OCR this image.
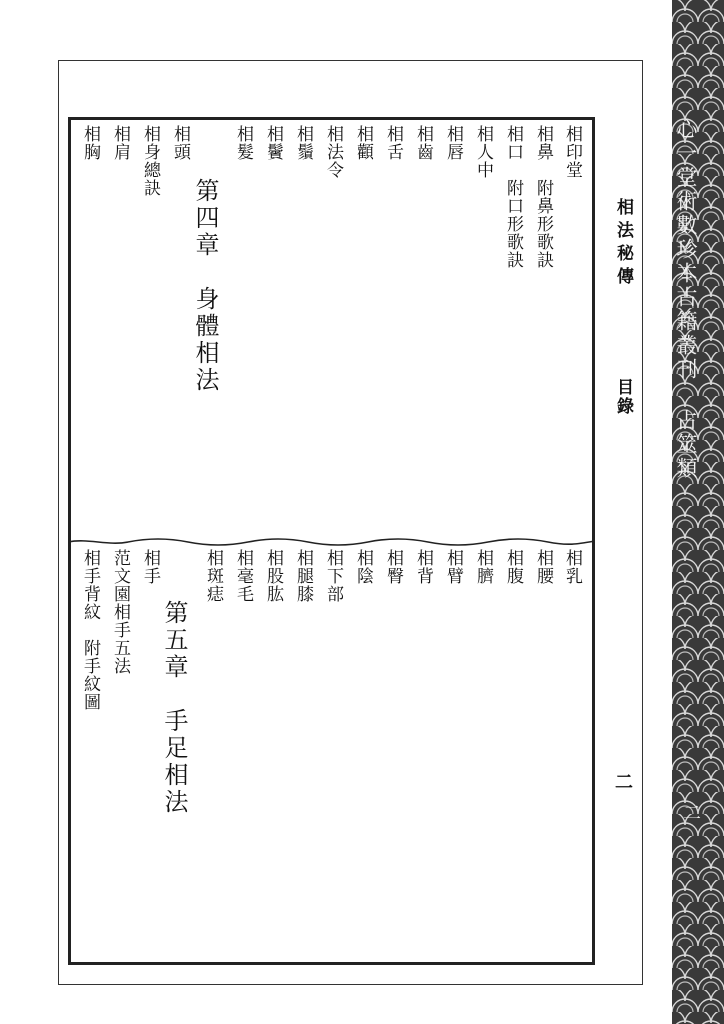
相法秘傳
目錄
二
相印堂
相鼻　附鼻形歌訣
相口　附口形歌訣
相人中
相唇
相齒
相舌
相顴
相法令
相鬚
相鬢
相髮
第四章　身體相法
相頭
相身總訣
相肩
相胸
相乳
相腰
相腹
相臍
相臂
相背
相臀
相陰
相下部
相腿膝
相股肱
相毫毛
相斑痣
第五章　手足相法
相手
范文園相手五法
相手背紋　附手紋圖
心一堂術數珍本古籍叢刊 占筮類
二
